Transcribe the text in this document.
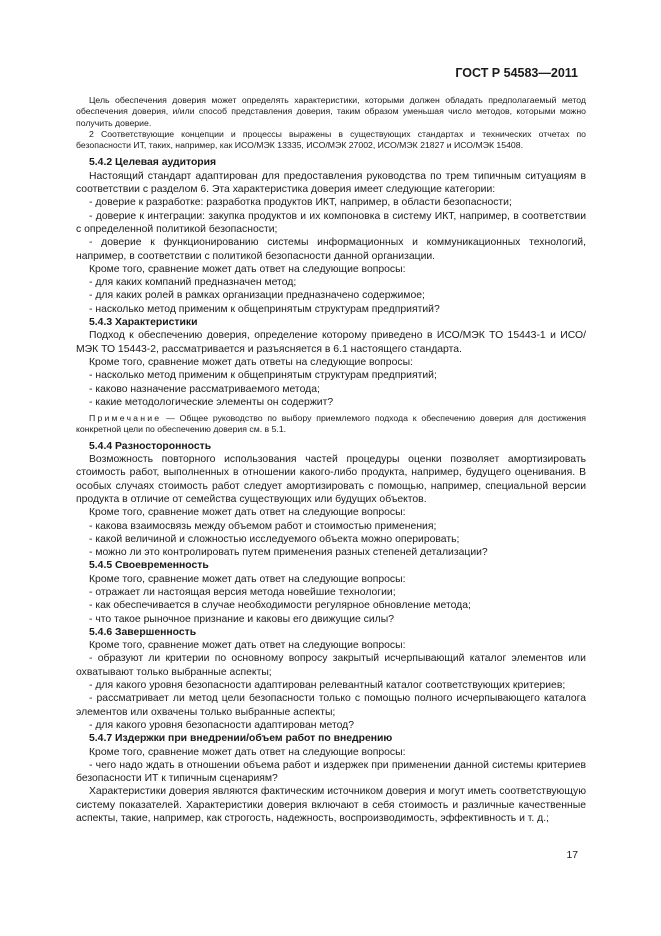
ГОСТ Р 54583—2011

Цель обеспечения доверия может определять характеристики, которыми должен обладать предполагаемый метод обеспечения доверия, и/или способ представления доверия, таким образом уменьшая число методов, которыми можно получить доверие.

2 Соответствующие концепции и процессы выражены в существующих стандартах и технических отчетах по безопасности ИТ, таких, например, как ИСО/МЭК 13335, ИСО/МЭК 27002, ИСО/МЭК 21827 и ИСО/МЭК 15408.

5.4.2 Целевая аудитория

Настоящий стандарт адаптирован для предоставления руководства по трем типичным ситуациям в соответствии с разделом 6. Эта характеристика доверия имеет следующие категории:

- доверие к разработке: разработка продуктов ИКТ, например, в области безопасности;

- доверие к интеграции: закупка продуктов и их компоновка в систему ИКТ, например, в соответствии с определенной политикой безопасности;

- доверие к функционированию системы информационных и коммуникационных технологий, например, в соответствии с политикой безопасности данной организации.

Кроме того, сравнение может дать ответ на следующие вопросы:

- для каких компаний предназначен метод;

- для каких ролей в рамках организации предназначено содержимое;

- насколько метод применим к общепринятым структурам предприятий?

5.4.3 Характеристики

Подход к обеспечению доверия, определение которому приведено в ИСО/МЭК ТО 15443-1 и ИСО/МЭК ТО 15443-2, рассматривается и разъясняется в 6.1 настоящего стандарта.

Кроме того, сравнение может дать ответы на следующие вопросы:

- насколько метод применим к общепринятым структурам предприятий;

- каково назначение рассматриваемого метода;

- какие методологические элементы он содержит?

Примечание — Общее руководство по выбору приемлемого подхода к обеспечению доверия для достижения конкретной цели по обеспечению доверия см. в 5.1.

5.4.4 Разносторонность

Возможность повторного использования частей процедуры оценки позволяет амортизировать стоимость работ, выполненных в отношении какого-либо продукта, например, будущего оценивания. В особых случаях стоимость работ следует амортизировать с помощью, например, специальной версии продукта в отличие от семейства существующих или будущих объектов.

Кроме того, сравнение может дать ответ на следующие вопросы:

- какова взаимосвязь между объемом работ и стоимостью применения;

- какой величиной и сложностью исследуемого объекта можно оперировать;

- можно ли это контролировать путем применения разных степеней детализации?

5.4.5 Своевременность

Кроме того, сравнение может дать ответ на следующие вопросы:

- отражает ли настоящая версия метода новейшие технологии;

- как обеспечивается в случае необходимости регулярное обновление метода;

- что такое рыночное признание и каковы его движущие силы?

5.4.6 Завершенность

Кроме того, сравнение может дать ответ на следующие вопросы:

- образуют ли критерии по основному вопросу закрытый исчерпывающий каталог элементов или охватывают только выбранные аспекты;

- для какого уровня безопасности адаптирован релевантный каталог соответствующих критериев;

- рассматривает ли метод цели безопасности только с помощью полного исчерпывающего каталога элементов или охвачены только выбранные аспекты;

- для какого уровня безопасности адаптирован метод?

5.4.7 Издержки при внедрении/объем работ по внедрению

Кроме того, сравнение может дать ответ на следующие вопросы:

- чего надо ждать в отношении объема работ и издержек при применении данной системы критериев безопасности ИТ к типичным сценариям?

Характеристики доверия являются фактическим источником доверия и могут иметь соответствующую систему показателей. Характеристики доверия включают в себя стоимость и различные качественные аспекты, такие, например, как строгость, надежность, воспроизводимость, эффективность и т. д.;

17
